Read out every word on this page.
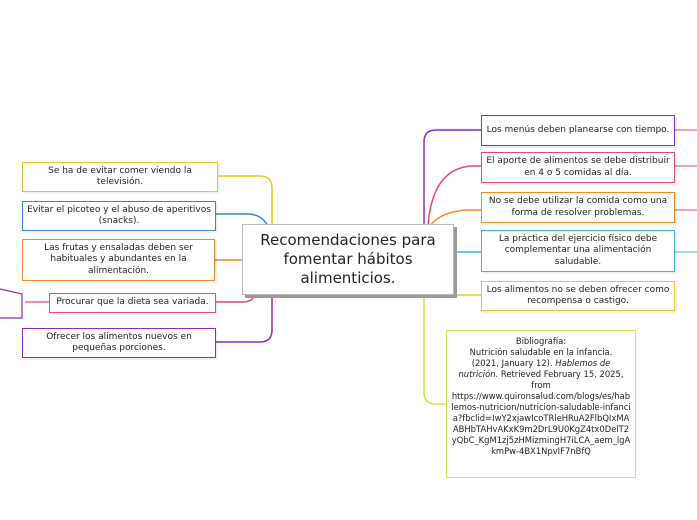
Se ha de evitar comer viendo la televisión.
Evitar el picoteo y el abuso de aperitivos (snacks).
Las frutas y ensaladas deben ser habituales y abundantes en la alimentación.
Procurar que la dieta sea variada.
Ofrecer los alimentos nuevos en pequeñas porciones.
Recomendaciones para fomentar hábitos alimenticios.
Los menús deben planearse con tiempo.
El aporte de alimentos se debe distribuir en 4 o 5 comidas al día.
No se debe utilizar la comida como una forma de resolver problemas.
La práctica del ejercicio físico debe complementar una alimentación saludable.
Los alimentos no se deben ofrecer como recompensa o castigo.
Bibliografía:
Nutrición saludable en la infancia.
(2021, January 12). Hablemos de nutrición. Retrieved February 15, 2025, from
https://www.quironsalud.com/blogs/es/hablemos-nutricion/nutricion-saludable-infancia?fbclid=IwY2xjawIcoTRleHRuA2FlbQIxMAABHbTAHvAKxK9m2DrL9U0KgZ4tx0DelT2yQbC_KgM1zj5zHMizmingH7iLCA_aem_lgAkmPw-4BX1NpvIF7nBfQ
